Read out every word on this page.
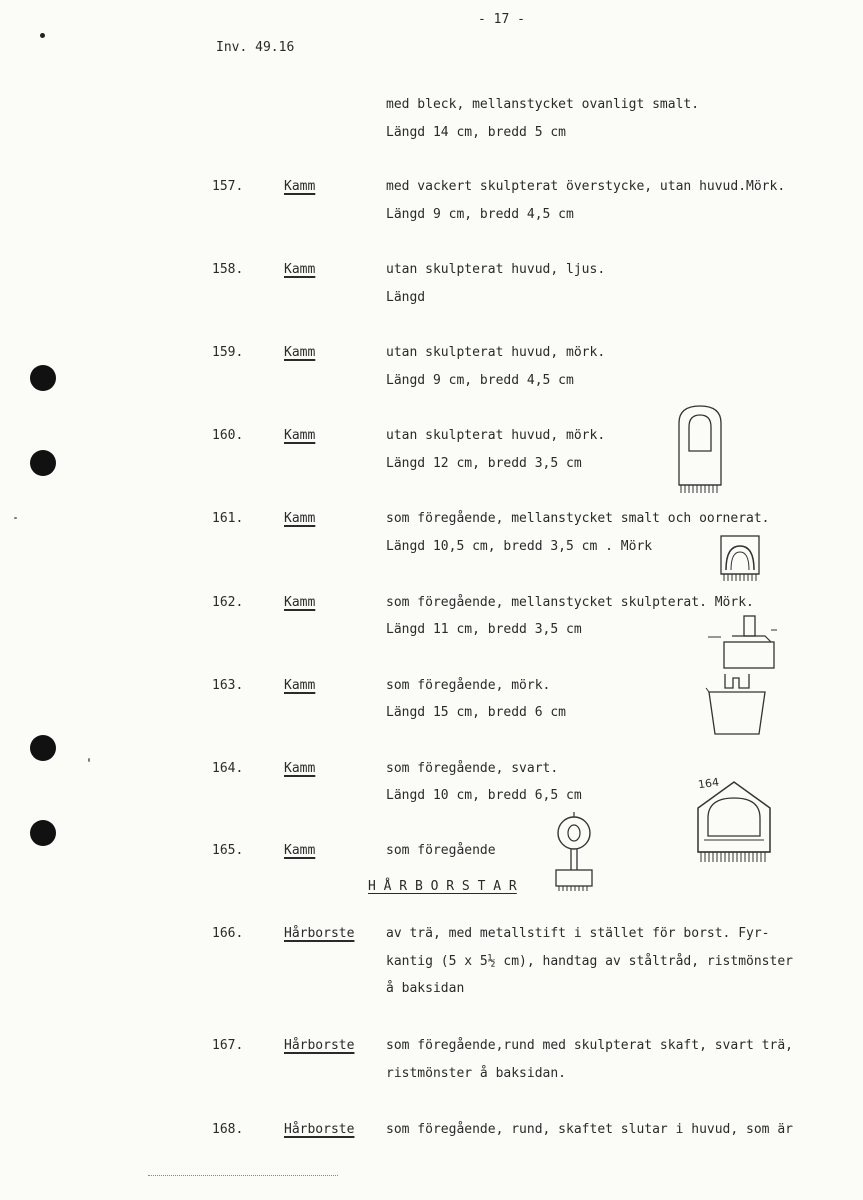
- 17 -
Inv. 49.16
med bleck, mellanstycket ovanligt smalt.
Längd 14 cm, bredd 5 cm
157.	Kamm	med vackert skulpterat överstycke, utan huvud.Mörk.
Längd 9 cm, bredd 4,5 cm
158.	Kamm	utan skulpterat huvud, ljus.
Längd
159.	Kamm	utan skulpterat huvud, mörk.
Längd 9 cm, bredd 4,5 cm
160.	Kamm	utan skulpterat huvud, mörk.
Längd 12 cm, bredd 3,5 cm
161.	Kamm	som föregående, mellanstycket smalt och oornerat.
Längd 10,5 cm, bredd 3,5 cm . Mörk
162.	Kamm	som föregående, mellanstycket skulpterat. Mörk.
Längd 11 cm, bredd 3,5 cm
163.	Kamm	som föregående, mörk.
Längd 15 cm, bredd 6 cm
164.	Kamm	som föregående, svart.
Längd 10 cm, bredd 6,5 cm
165.	Kamm	som föregående
H Å R B O R S T A R
166.	Hårborste av trä, med metallstift i stället för borst. Fyr-
kantig (5 x 5½ cm), handtag av ståltråd, ristmönster
å baksidan
167.	Hårborste som föregående,rund med skulpterat skaft, svart trä,
ristmönster å baksidan.
168.	Hårborste som föregående, rund, skaftet slutar i huvud, som är
164
